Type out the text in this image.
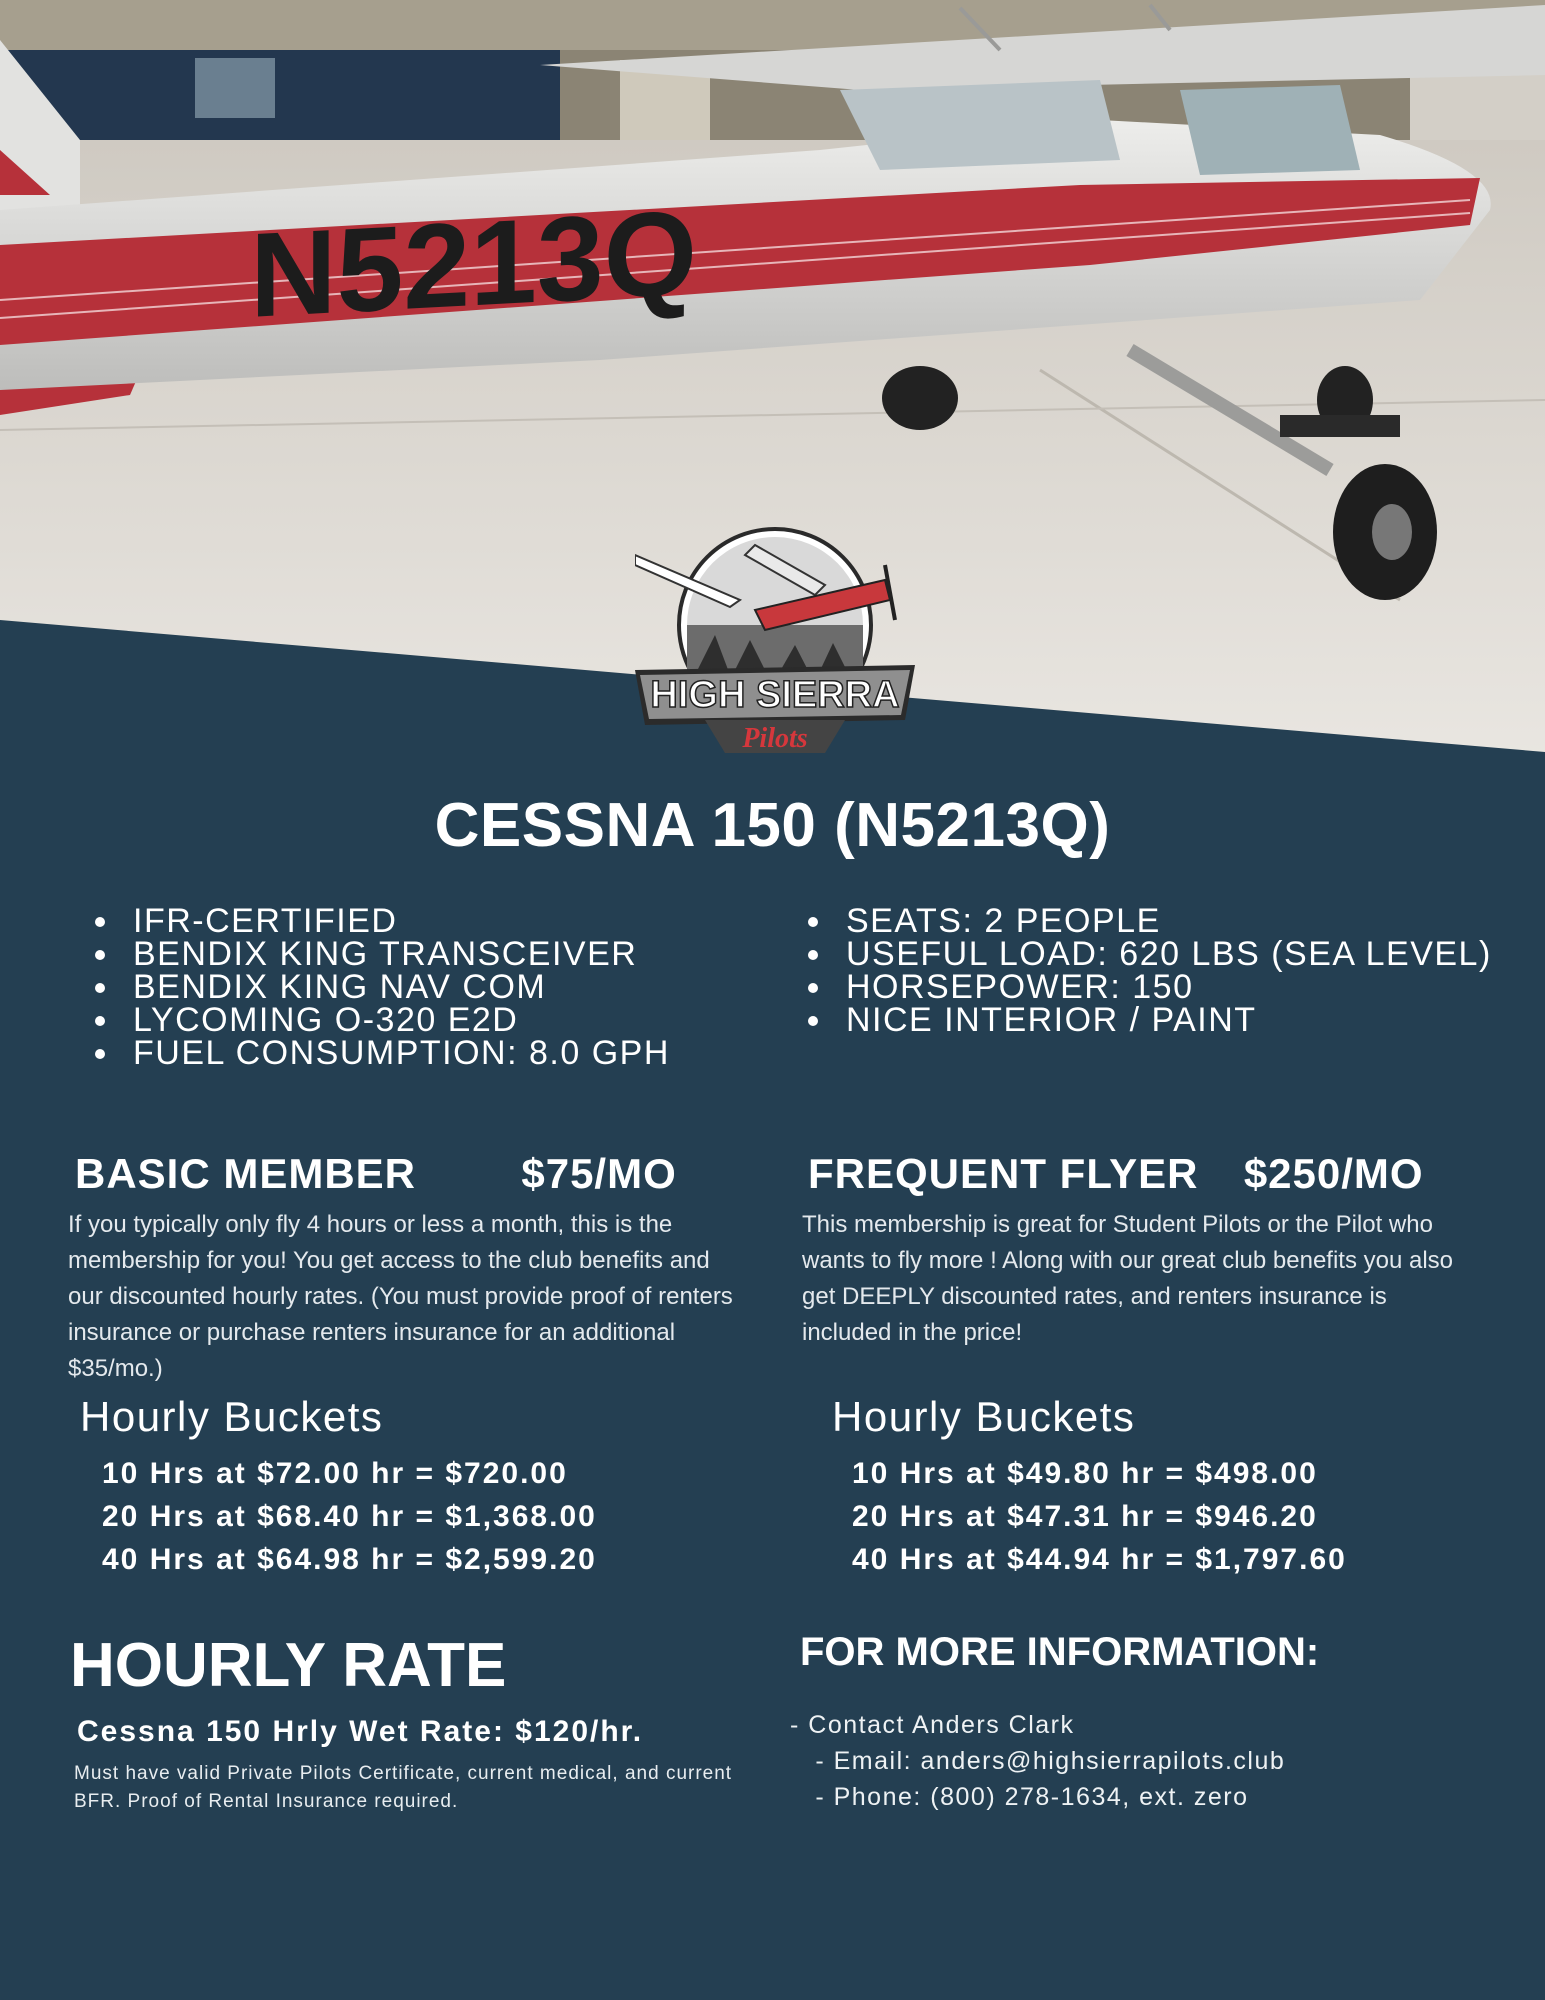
N5213Q
HIGH SIERRA
Pilots
CESSNA 150 (N5213Q)
IFR-CERTIFIED
BENDIX KING TRANSCEIVER
BENDIX KING NAV COM
LYCOMING O-320 E2D
FUEL CONSUMPTION: 8.0 GPH
SEATS: 2 PEOPLE
USEFUL LOAD: 620 LBS (SEA LEVEL)
HORSEPOWER: 150
NICE INTERIOR / PAINT
BASIC MEMBER	$75/MO
If you typically only fly 4 hours or less a month, this is the membership for you! You get access to the club benefits and our discounted hourly rates. (You must provide proof of renters insurance or purchase renters insurance for an additional $35/mo.)
Hourly Buckets
10 Hrs at $72.00 hr = $720.00
20 Hrs at $68.40 hr = $1,368.00
40 Hrs at $64.98 hr = $2,599.20
FREQUENT FLYER $250/MO
This membership is great for Student Pilots or the Pilot who wants to fly more ! Along with our great club benefits you also get DEEPLY discounted rates, and renters insurance is included in the price!
Hourly Buckets
10 Hrs at $49.80 hr = $498.00
20 Hrs at $47.31 hr = $946.20
40 Hrs at $44.94 hr = $1,797.60
HOURLY RATE
Cessna 150 Hrly Wet Rate: $120/hr.
Must have valid Private Pilots Certificate, current medical, and current BFR. Proof of Rental Insurance required.
FOR MORE INFORMATION:
- Contact Anders Clark
- Email: anders@highsierrapilots.club
- Phone: (800) 278-1634, ext. zero
